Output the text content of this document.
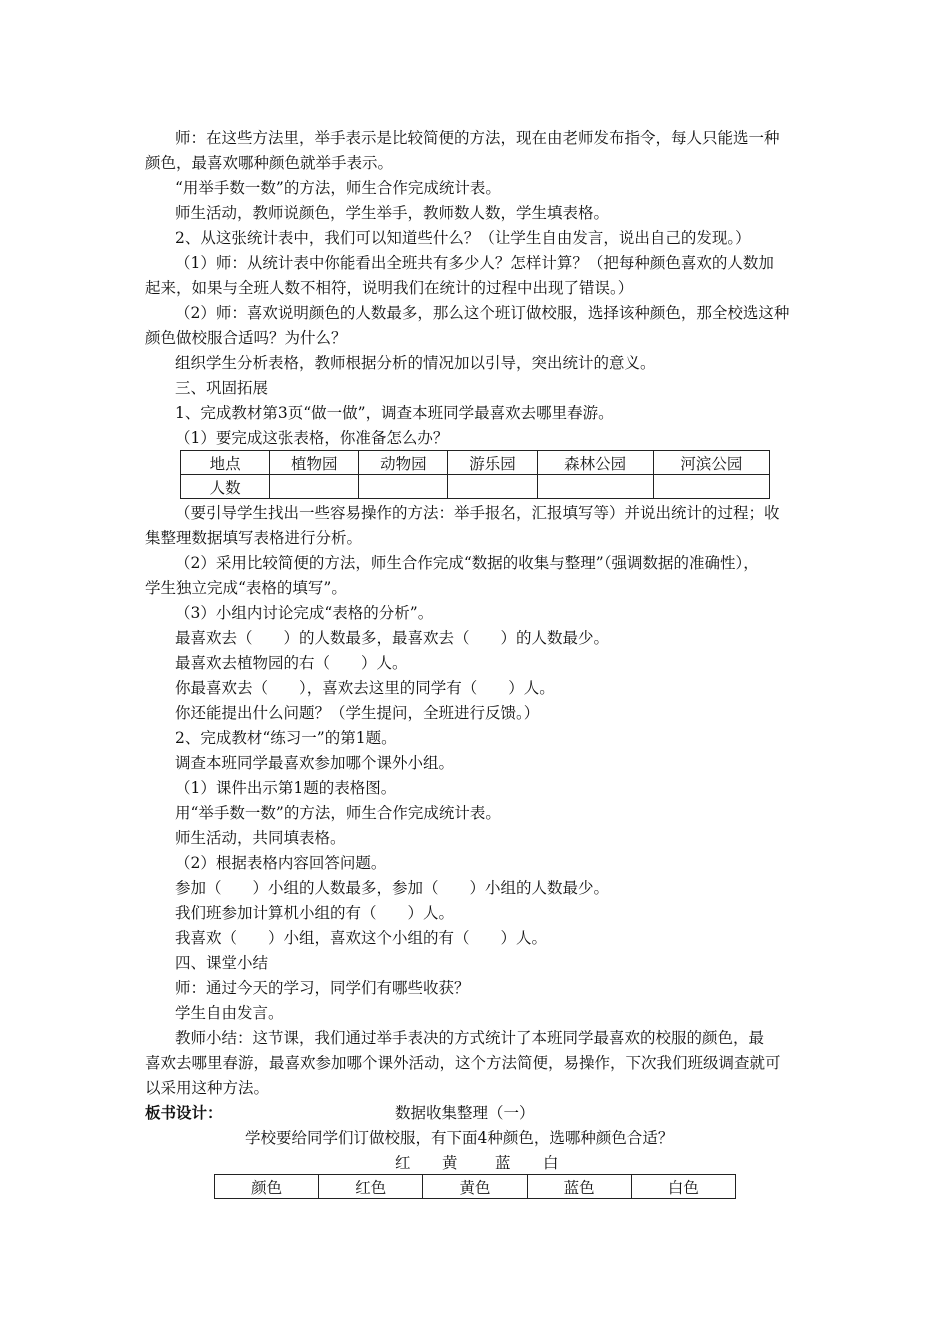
师：在这些方法里，举手表示是比较简便的方法，现在由老师发布指令，每人只能选一种
颜色，最喜欢哪种颜色就举手表示。
“用举手数一数”的方法，师生合作完成统计表。
师生活动，教师说颜色，学生举手，教师数人数，学生填表格。
2、从这张统计表中，我们可以知道些什么？（让学生自由发言，说出自己的发现。）
（1）师：从统计表中你能看出全班共有多少人？怎样计算？（把每种颜色喜欢的人数加
起来，如果与全班人数不相符，说明我们在统计的过程中出现了错误。）
（2）师：喜欢说明颜色的人数最多，那么这个班订做校服，选择该种颜色，那全校选这种
颜色做校服合适吗？为什么？
组织学生分析表格，教师根据分析的情况加以引导，突出统计的意义。
三、巩固拓展
1、完成教材第3页“做一做”，调查本班同学最喜欢去哪里春游。
（1）要完成这张表格，你准备怎么办？
地点	植物园	动物园	游乐园	森林公园	河滨公园
人数					
（要引导学生找出一些容易操作的方法：举手报名，汇报填写等）并说出统计的过程；收
集整理数据填写表格进行分析。
（2）采用比较简便的方法，师生合作完成“数据的收集与整理”（强调数据的准确性），
学生独立完成“表格的填写”。
（3）小组内讨论完成“表格的分析”。
最喜欢去（　　）的人数最多，最喜欢去（　　）的人数最少。
最喜欢去植物园的右（　　）人。
你最喜欢去（　　），喜欢去这里的同学有（　　）人。
你还能提出什么问题？（学生提问，全班进行反馈。）
2、完成教材“练习一”的第1题。
调查本班同学最喜欢参加哪个课外小组。
（1）课件出示第1题的表格图。
用“举手数一数”的方法，师生合作完成统计表。
师生活动，共同填表格。
（2）根据表格内容回答问题。
参加（　　）小组的人数最多，参加（　　）小组的人数最少。
我们班参加计算机小组的有（　　）人。
我喜欢（　　）小组，喜欢这个小组的有（　　）人。
四、课堂小结
师：通过今天的学习，同学们有哪些收获？
学生自由发言。
教师小结：这节课，我们通过举手表决的方式统计了本班同学最喜欢的校服的颜色，最
喜欢去哪里春游，最喜欢参加哪个课外活动，这个方法简便，易操作，下次我们班级调查就可
以采用这种方法。
板书设计：	数据收集整理（一）
学校要给同学们订做校服，有下面4种颜色，选哪种颜色合适？
红 黄 蓝 白
颜色	红色	黄色	蓝色	白色
